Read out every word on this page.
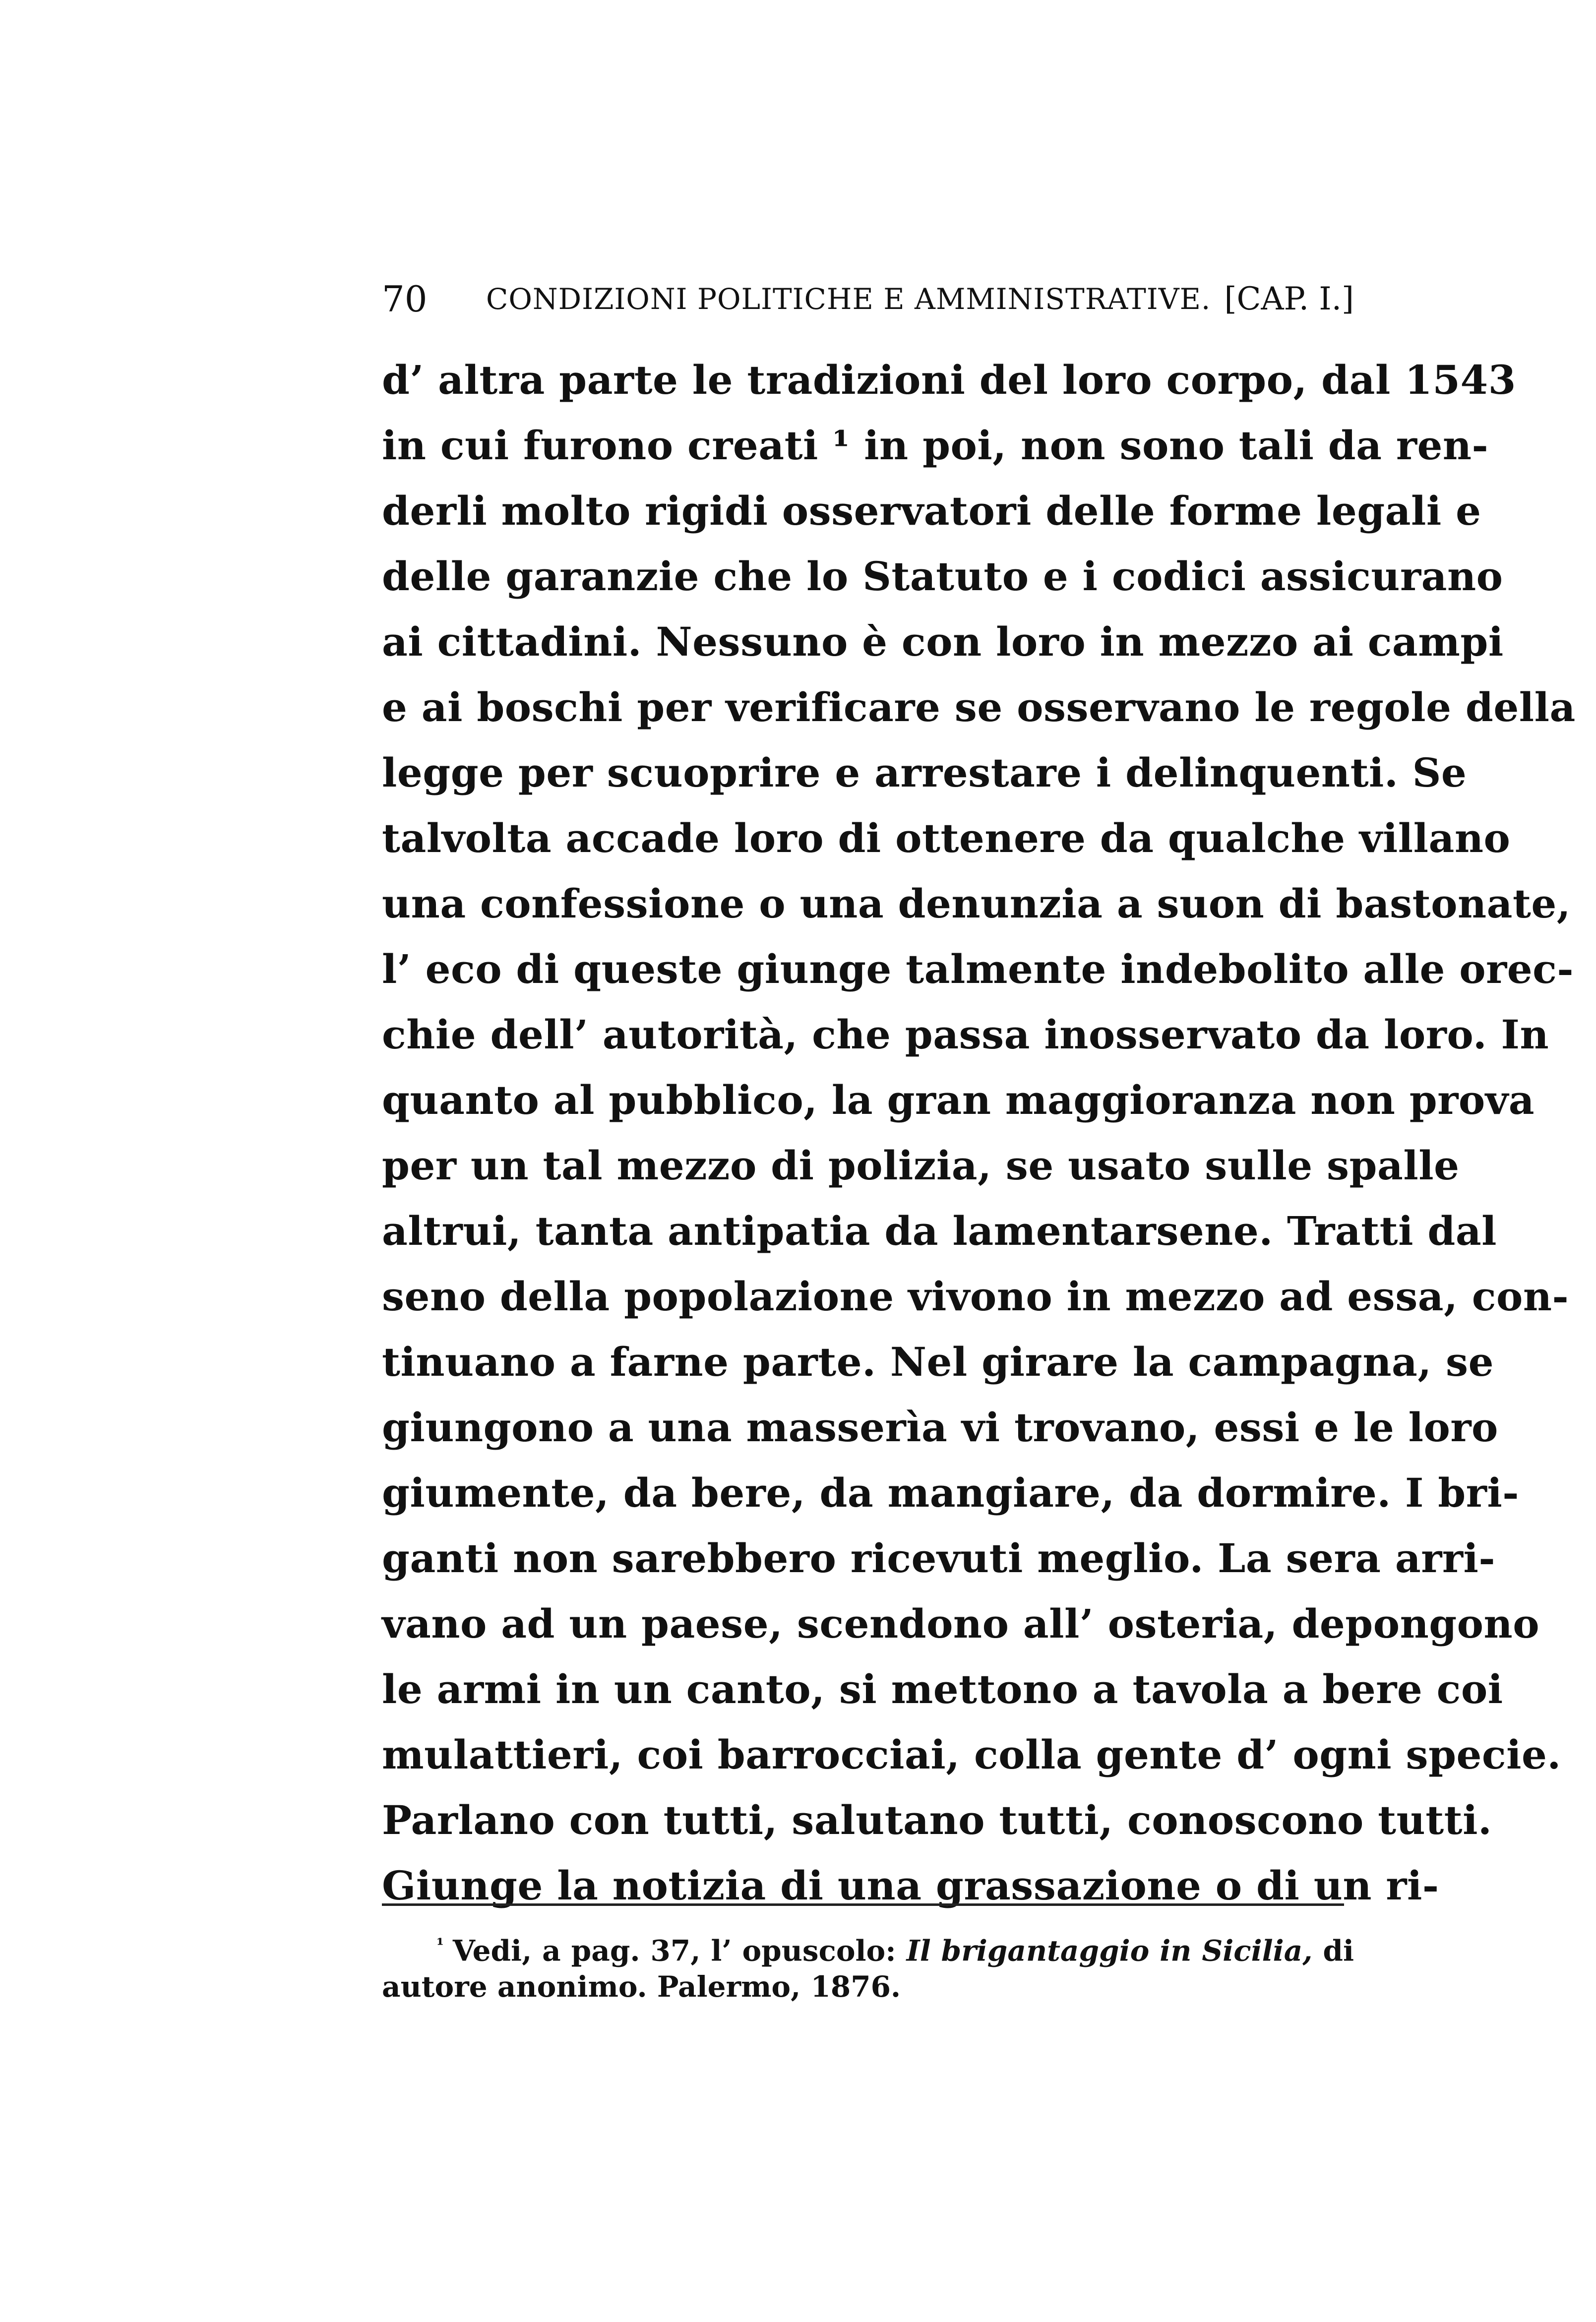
70 CONDIZIONI POLITICHE E AMMINISTRATIVE. [CAP. I.]
d’ altra parte le tradizioni del loro corpo, dal 1543
in cui furono creati ¹ in poi, non sono tali da ren-
derli molto rigidi osservatori delle forme legali e
delle garanzie che lo Statuto e i codici assicurano
ai cittadini. Nessuno è con loro in mezzo ai campi
e ai boschi per verificare se osservano le regole della
legge per scuoprire e arrestare i delinquenti. Se
talvolta accade loro di ottenere da qualche villano
una confessione o una denunzia a suon di bastonate,
l’ eco di queste giunge talmente indebolito alle orec-
chie dell’ autorità, che passa inosservato da loro. In
quanto al pubblico, la gran maggioranza non prova
per un tal mezzo di polizia, se usato sulle spalle
altrui, tanta antipatia da lamentarsene. Tratti dal
seno della popolazione vivono in mezzo ad essa, con-
tinuano a farne parte. Nel girare la campagna, se
giungono a una masserìa vi trovano, essi e le loro
giumente, da bere, da mangiare, da dormire. I bri-
ganti non sarebbero ricevuti meglio. La sera arri-
vano ad un paese, scendono all’ osteria, depongono
le armi in un canto, si mettono a tavola a bere coi
mulattieri, coi barrocciai, colla gente d’ ogni specie.
Parlano con tutti, salutano tutti, conoscono tutti.
Giunge la notizia di una grassazione o di un ri-
$^{^1}$ Vedi, a pag. 37, l’ opuscolo: Il brigantaggio in Sicilia, di
autore anonimo. Palermo, 1876.
